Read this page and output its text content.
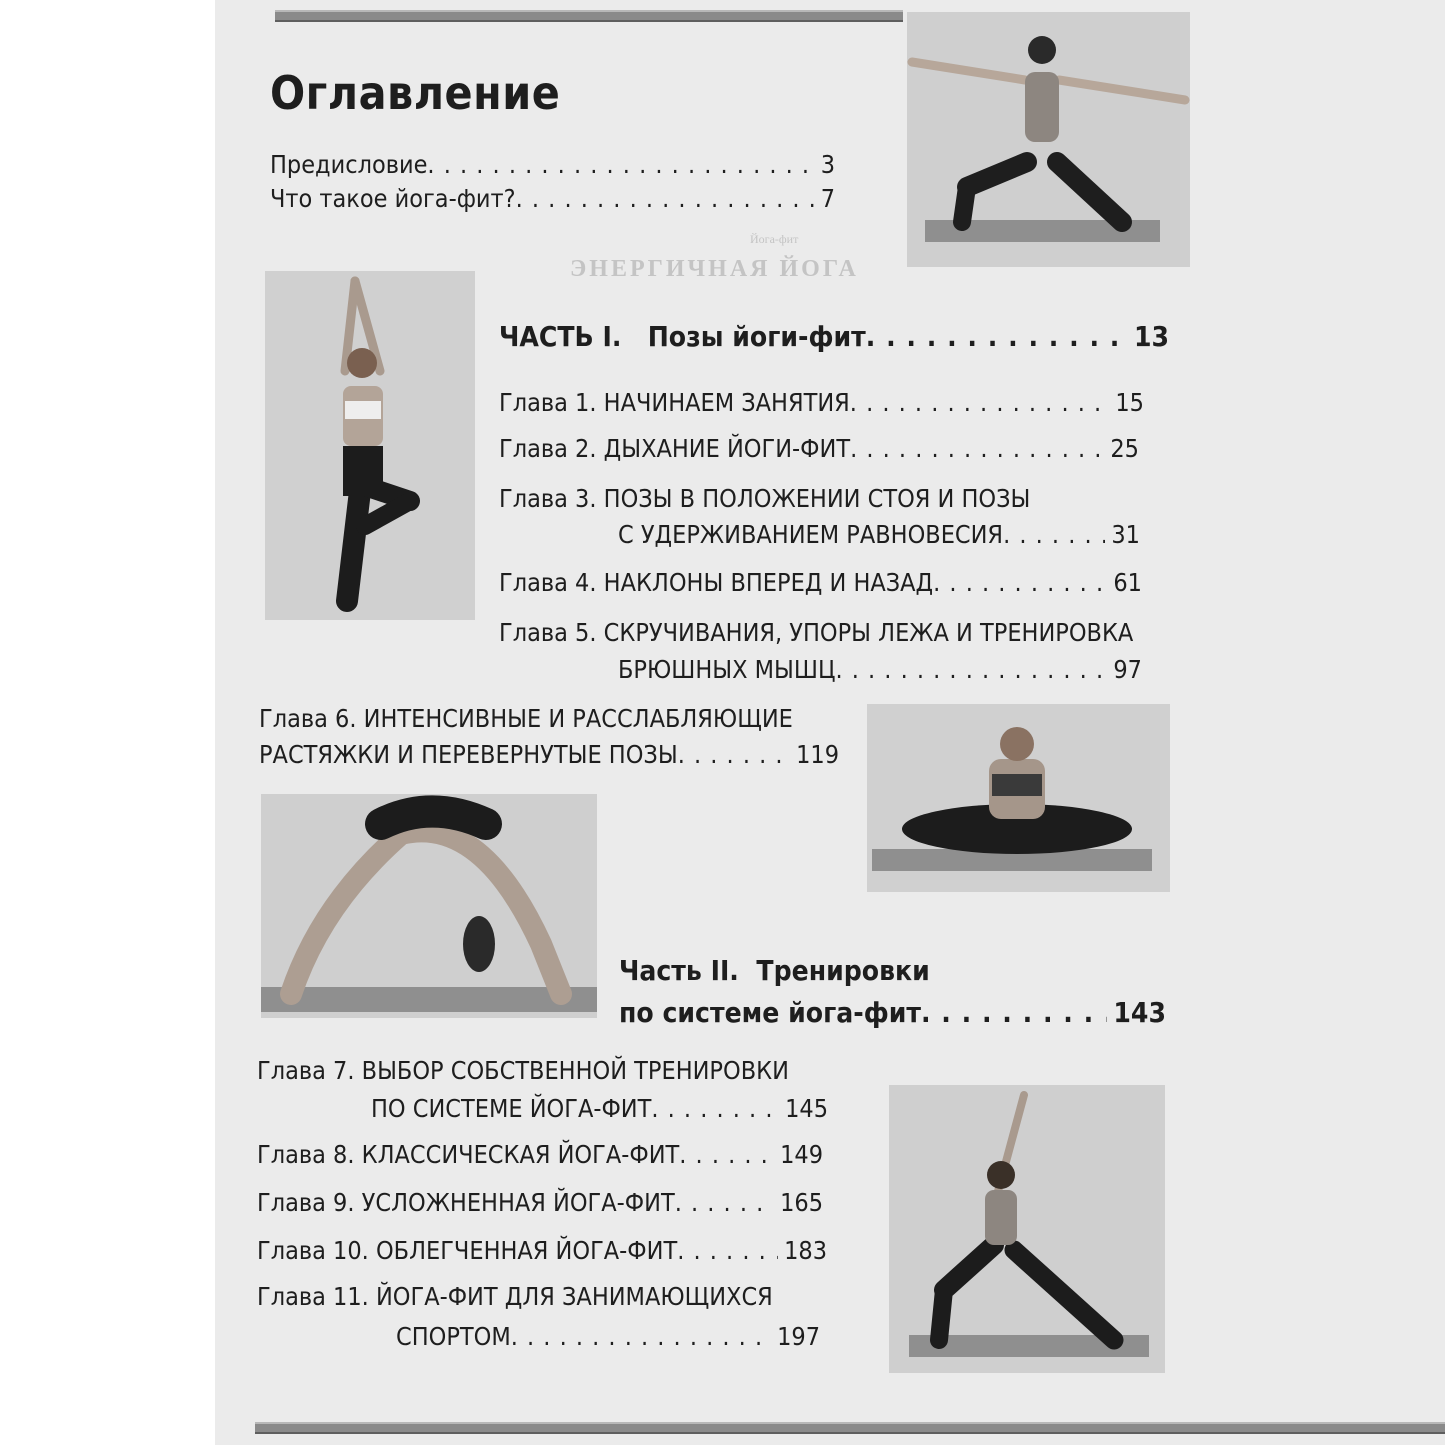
Йога-фит
ЭНЕРГИЧНАЯ ЙОГА
Оглавление
Предисловие . . .	3
Что такое йога-фит? . . .	7
ЧАСТЬ I.   Позы йоги-фит . . .	13
Глава 1. НАЧИНАЕМ ЗАНЯТИЯ . . .	15
Глава 2. ДЫХАНИЕ ЙОГИ-ФИТ . . .	25
Глава 3. ПОЗЫ В ПОЛОЖЕНИИ СТОЯ И ПОЗЫ
С УДЕРЖИВАНИЕМ РАВНОВЕСИЯ . . .	31
Глава 4. НАКЛОНЫ ВПЕРЕД И НАЗАД . . .	61
Глава 5. СКРУЧИВАНИЯ, УПОРЫ ЛЕЖА И ТРЕНИРОВКА
БРЮШНЫХ МЫШЦ . . .	97
Глава 6. ИНТЕНСИВНЫЕ И РАССЛАБЛЯЮЩИЕ
РАСТЯЖКИ И ПЕРЕВЕРНУТЫЕ ПОЗЫ . . .	119
Часть II.  Тренировки
по системе йога-фит . . .	143
Глава 7. ВЫБОР СОБСТВЕННОЙ ТРЕНИРОВКИ
ПО СИСТЕМЕ ЙОГА-ФИТ . . .	145
Глава 8. КЛАССИЧЕСКАЯ ЙОГА-ФИТ . . .	149
Глава 9. УСЛОЖНЕННАЯ ЙОГА-ФИТ . . .	165
Глава 10. ОБЛЕГЧЕННАЯ ЙОГА-ФИТ . . .	183
Глава 11. ЙОГА-ФИТ ДЛЯ ЗАНИМАЮЩИХСЯ
СПОРТОМ . . .	197
